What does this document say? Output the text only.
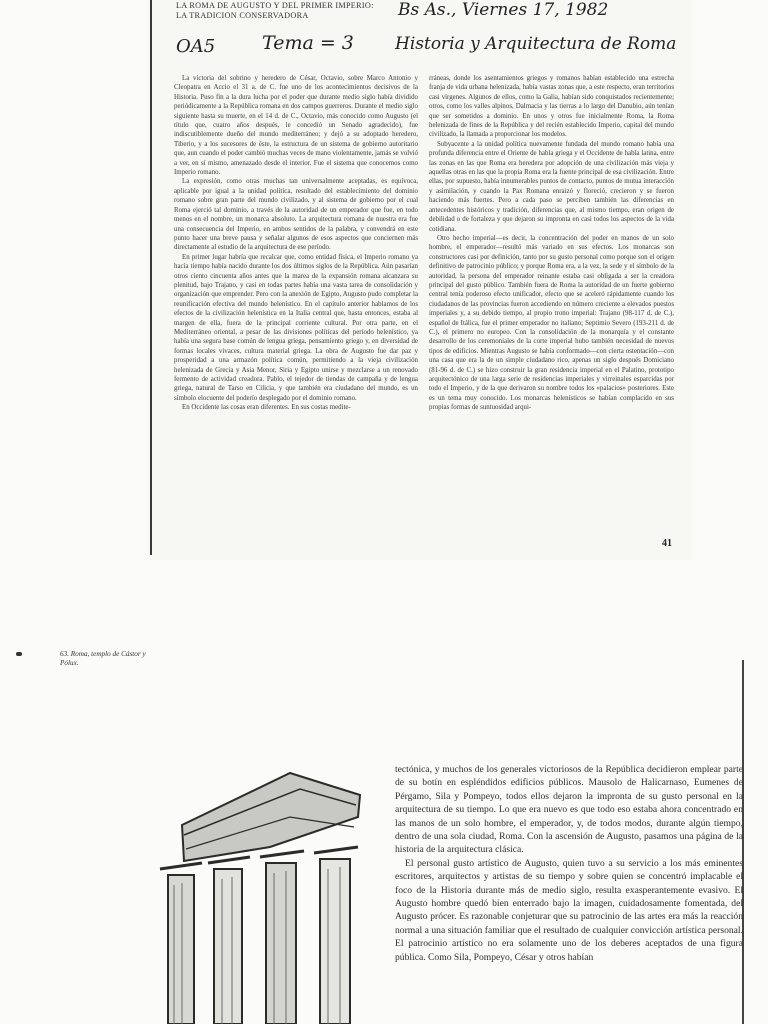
LA ROMA DE AUGUSTO Y DEL PRIMER IMPERIO:
LA TRADICION CONSERVADORA	Bs As., Viernes 17, 1982
OA5 Tema = 3 Historia y Arquitectura de Roma

La victoria del sobrino y heredero de César, Octavio, sobre Marco Antonio y Cleopatra en Accio el 31 a. de C. fue uno de los acontecimientos decisivos de la Historia. Puso fin a la dura lucha por el poder que durante medio siglo había dividido periódicamente a la República romana en dos campos guerreros. Durante el medio siglo siguiente hasta su muerte, en el 14 d. de C., Octavio, más conocido como Augusto (el título que, cuatro años después, le concedió un Senado agradecido), fue indiscutiblemente dueño del mundo mediterráneo; y dejó a su adoptado heredero, Tiberio, y a los sucesores de éste, la estructura de un sistema de gobierno autoritario que, aun cuando el poder cambió muchas veces de mano violentamente, jamás se volvió a ver, en sí mismo, amenazado desde el interior. Fue el sistema que conocemos como Imperio romano.

La expresión, como otras muchas tan universalmente aceptadas, es equívoca, aplicable por igual a la unidad política, resultado del establecimiento del dominio romano sobre gran parte del mundo civilizado, y al sistema de gobierno por el cual Roma ejerció tal dominio, a través de la autoridad de un emperador que fue, en todo menos en el nombre, un monarca absoluto. La arquitectura romana de nuestra era fue una consecuencia del Imperio, en ambos sentidos de la palabra, y convendrá en este punto hacer una breve pausa y señalar algunos de esos aspectos que conciernen más directamente al estudio de la arquitectura de ese período.

En primer lugar habría que recalcar que, como entidad física, el Imperio romano ya hacía tiempo había nacido durante los dos últimos siglos de la República. Aún pasarían otros ciento cincuenta años antes que la marea de la expansión romana alcanzara su plenitud, bajo Trajano, y casi en todas partes había una vasta tarea de consolidación y organización que emprender. Pero con la anexión de Egipto, Augusto pudo completar la reunificación efectiva del mundo helenístico. En el capítulo anterior hablamos de los efectos de la civilización helenística en la Italia central que, hasta entonces, estaba al margen de ella, fuera de la principal corriente cultural. Por otra parte, en el Mediterráneo oriental, a pesar de las divisiones políticas del período helenístico, ya había una segura base común de lengua griega, pensamiento griego y, en diversidad de formas locales vivaces, cultura material griega. La obra de Augusto fue dar paz y prosperidad a una armazón política común, permitiendo a la vieja civilización helenizada de Grecia y Asia Menor, Siria y Egipto unirse y mezclarse a un renovado fermento de actividad creadora. Pablo, el tejedor de tiendas de campaña y de lengua griega, natural de Tarso en Cilicia, y que también era ciudadano del mundo, es un símbolo elocuente del poderío desplegado por el dominio romano.

En Occidente las cosas eran diferentes. En sus costas medite-

rráneas, donde los asentamientos griegos y romanos habían establecido una estrecha franja de vida urbana helenizada, había vastas zonas que, a este respecto, eran territorios casi vírgenes. Algunos de ellos, como la Galia, habían sido conquistados recientemente; otros, como los valles alpinos, Dalmacia y las tierras a lo largo del Danubio, aún tenían que ser sometidos a dominio. En unos y otros fue inicialmente Roma, la Roma helenizada de fines de la República y del recién establecido Imperio, capital del mundo civilizado, la llamada a proporcionar los modelos.

Subyacente a la unidad política nuevamente fundada del mundo romano había una profunda diferencia entre el Oriente de habla griega y el Occidente de habla latina, entre las zonas en las que Roma era heredera por adopción de una civilización más vieja y aquellas otras en las que la propia Roma era la fuente principal de esa civilización. Entre ellas, por supuesto, había innumerables puntos de contacto, puntos de mutua interacción y asimilación, y cuando la Pax Romana enraizó y floreció, crecieron y se fueron haciendo más fuertes. Pero a cada paso se perciben también las diferencias en antecedentes históricos y tradición, diferencias que, al mismo tiempo, eran origen de debilidad o de fortaleza y que dejaron su impronta en casi todos los aspectos de la vida cotidiana.

Otro hecho imperial—es decir, la concentración del poder en manos de un solo hombre, el emperador—resultó más variado en sus efectos. Los monarcas son constructores casi por definición, tanto por su gusto personal como porque son el origen definitivo de patrocinio público; y porque Roma era, a la vez, la sede y el símbolo de la autoridad, la persona del emperador reinante estaba casi obligada a ser la creadora principal del gusto público. También fuera de Roma la autoridad de un fuerte gobierno central tenía poderoso efecto unificador, efecto que se aceleró rápidamente cuando los ciudadanos de las provincias fueron accediendo en número creciente a elevados puestos imperiales y, a su debido tiempo, al propio trono imperial: Trajano (98-117 d. de C.), español de Itálica, fue el primer emperador no italiano; Septimio Severo (193-211 d. de C.), el primero no europeo. Con la consolidación de la monarquía y el constante desarrollo de los ceremoniales de la corte imperial hubo también necesidad de nuevos tipos de edificios. Mientras Augusto se había conformado—con cierta ostentación—con una casa que era la de un simple ciudadano rico, apenas un siglo después Domiciano (81-96 d. de C.) se hizo construir la gran residencia imperial en el Palatino, prototipo arquitectónico de una larga serie de residencias imperiales y virreinales esparcidas por todo el Imperio, y de la que derivaron su nombre todos los «palacios» posteriores. Este es un tema muy conocido. Los monarcas helenísticos se habían complacido en sus propias formas de suntuosidad arqui-

41
63. Roma, templo de Cástor y Pólux.

tectónica, y muchos de los generales victoriosos de la República decidieron emplear parte de su botín en espléndidos edificios públicos. Mausolo de Halicarnaso, Eumenes de Pérgamo, Sila y Pompeyo, todos ellos dejaron la impronta de su gusto personal en la arquitectura de su tiempo. Lo que era nuevo es que todo eso estaba ahora concentrado en las manos de un solo hombre, el emperador, y, de todos modos, durante algún tiempo, dentro de una sola ciudad, Roma. Con la ascensión de Augusto, pasamos una página de la historia de la arquitectura clásica.

El personal gusto artístico de Augusto, quien tuvo a su servicio a los más eminentes escritores, arquitectos y artistas de su tiempo y sobre quien se concentró implacable el foco de la Historia durante más de medio siglo, resulta exasperantemente evasivo. El Augusto hombre quedó bien enterrado bajo la imagen, cuidadosamente fomentada, del Augusto prócer. Es razonable conjeturar que su patrocinio de las artes era más la reacción normal a una situación familiar que el resultado de cualquier convicción artística personal. El patrocinio artístico no era solamente uno de los deberes aceptados de una figura pública. Como Sila, Pompeyo, César y otros habían
